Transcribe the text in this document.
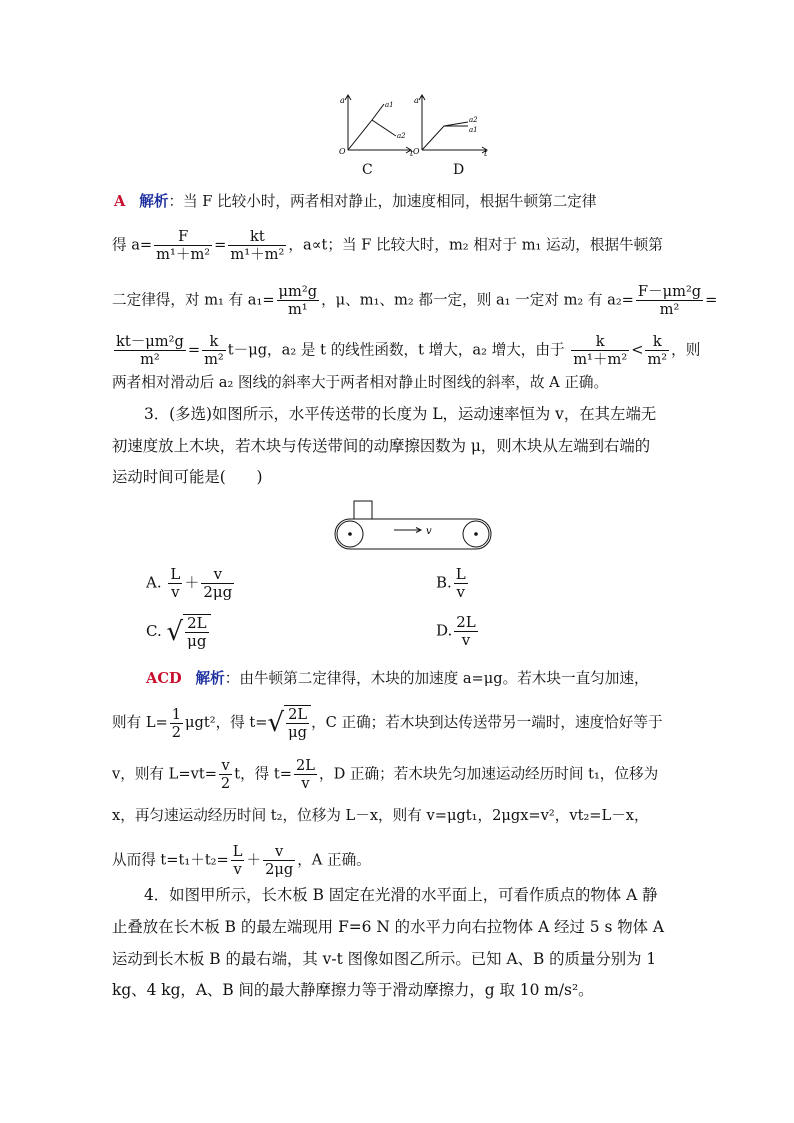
a	a1
a2
O	t
a
a2
a1
O	t
C	D
A 解析：当 F 比较小时，两者相对静止，加速度相同，根据牛顿第二定律
得 $a= \frac{F}{\text{m¹＋m²}} = \frac{kt}{\text{m¹＋m²}}$ ，a∝t；当 F 比较大时，m₂ 相对于 m₁ 运动，根据牛顿第
二定律得，对 m₁ 有 $a_1= \frac{\text{μm²g}}{\text{m¹}}$ ，μ、m₁、m₂ 都一定，则 a₁ 一定对 m₂ 有 $a_2= \frac{\text{F－μm²g}}{\text{m²}}$ =
$\frac{\text{kt－μm²g}}{\text{m²}} = \frac{k}{\text{m²}} t-\mu g$，a₂ 是 t 的线性函数，t 增大，a₂ 增大，由于 $\frac{k}{\text{m¹＋m²}} < \frac{k}{\text{m²}}$ ，则
两者相对滑动后 a₂ 图线的斜率大于两者相对静止时图线的斜率，故 A 正确。
3．(多选)如图所示，水平传送带的长度为 L，运动速率恒为 v，在其左端无
初速度放上木块，若木块与传送带间的动摩擦因数为 μ，则木块从左端到右端的
运动时间可能是(　　)
v
A. $\frac{L}{v} + \frac{v}{2\mu g}$	B. $\frac{L}{v}$
C. √ $\frac{2L}{\mu g}$	D. $\frac{2L}{v}$
ACD 解析：由牛顿第二定律得，木块的加速度 a=μg。若木块一直匀加速，
则有 $L= \frac{1}{2} \mu gt^2$，得 $t=√ \frac{2L}{\mu g}$ ，C 正确；若木块到达传送带另一端时，速度恰好等于
v，则有 $L=vt= \frac{v}{2}$ t，得 $t= \frac{2L}{v}$ ，D 正确；若木块先匀加速运动经历时间 t₁，位移为
x，再匀速运动经历时间 t₂，位移为 L－x，则有 v=μgt₁，2μgx=v²，vt₂=L－x，
从而得 $t=t_1+t_2= \frac{L}{v} + \frac{v}{2\mu g}$ ，A 正确。
4．如图甲所示，长木板 B 固定在光滑的水平面上，可看作质点的物体 A 静
止叠放在长木板 B 的最左端现用 F=6 N 的水平力向右拉物体 A 经过 5 s 物体 A
运动到长木板 B 的最右端，其 v-t 图像如图乙所示。已知 A、B 的质量分别为 1
kg、4 kg，A、B 间的最大静摩擦力等于滑动摩擦力，g 取 10 m/s²。
